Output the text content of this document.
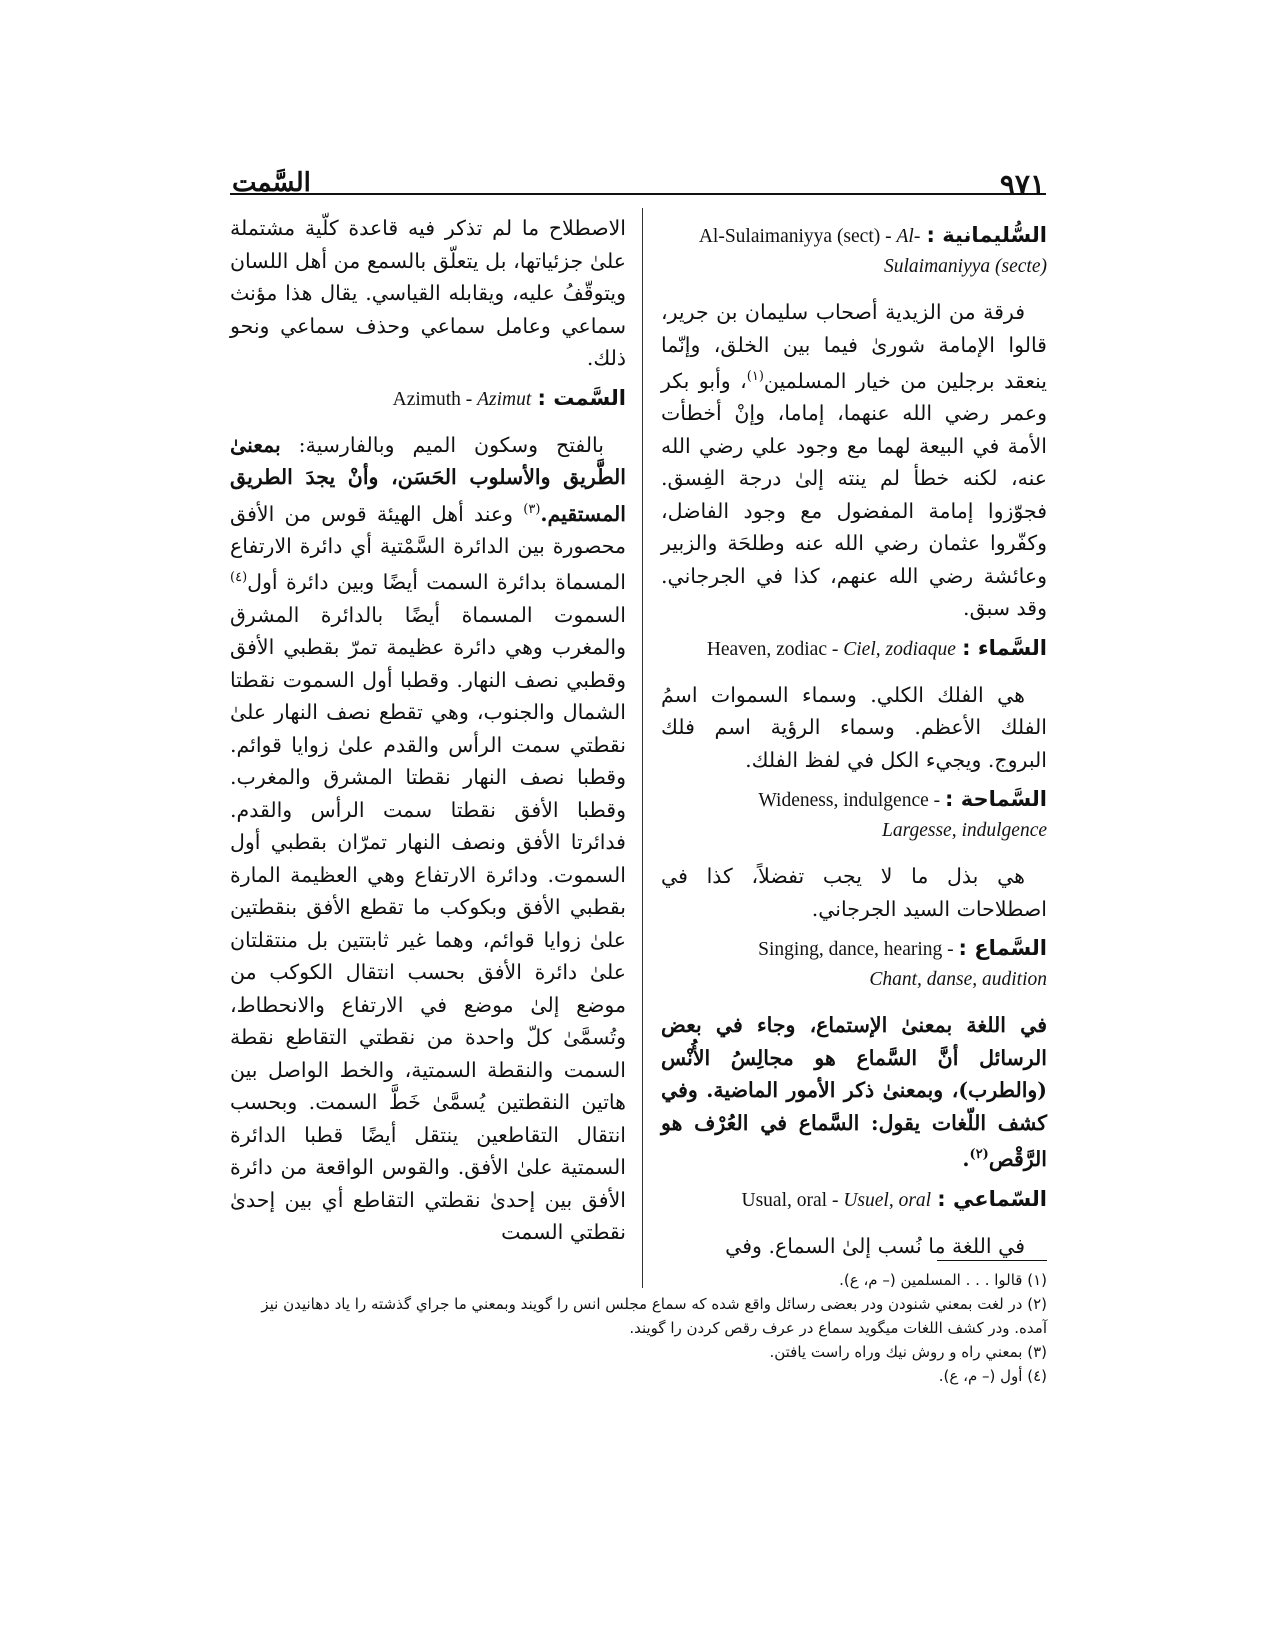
٩٧١
السَّمت
Al-Sulaimaniyya (sect) - Al- السُّليمانية :
Sulaimaniyya (secte)

فرقة من الزيدية أصحاب سليمان بن جرير، قالوا الإمامة شورىٰ فيما بين الخلق، وإنّما ينعقد برجلين من خيار المسلمين$^{(١)}$، وأبو بكر وعمر رضي الله عنهما، إماما، وإنْ أخطأت الأمة في البيعة لهما مع وجود علي رضي الله عنه، لكنه خطأ لم ينته إلىٰ درجة الفِسق. فجوّزوا إمامة المفضول مع وجود الفاضل، وكفّروا عثمان رضي الله عنه وطلحَة والزبير وعائشة رضي الله عنهم، كذا في الجرجاني. وقد سبق.

Heaven, zodiac - Ciel, zodiaque السَّماء :

هي الفلك الكلي. وسماء السموات اسمُ الفلك الأعظم. وسماء الرؤية اسم فلك البروج. ويجيء الكل في لفظ الفلك.

Wideness, indulgence - السَّماحة :
Largesse, indulgence

هي بذل ما لا يجب تفضلاً، كذا في اصطلاحات السيد الجرجاني.

Singing, dance, hearing - السَّماع :
Chant, danse, audition

في اللغة بمعنىٰ الإستماع، وجاء في بعض الرسائل أنَّ السَّماع هو مجالِسُ الأُنْس (والطرب)، وبمعنىٰ ذكر الأمور الماضية. وفي كشف اللّغات يقول: السَّماع في العُرْف هو الرَّقْص$^{(٢)}$.

Usual, oral - Usuel, oral السّماعي :

في اللغة ما نُسب إلىٰ السماع. وفي

الاصطلاح ما لم تذكر فيه قاعدة كلّية مشتملة علىٰ جزئياتها، بل يتعلّق بالسمع من أهل اللسان ويتوقّفُ عليه، ويقابله القياسي. يقال هذا مؤنث سماعي وعامل سماعي وحذف سماعي ونحو ذلك.

Azimuth - Azimut السَّمت :

بالفتح وسكون الميم وبالفارسية: بمعنىٰ الطَّريق والأسلوب الحَسَن، وأنْ يجدَ الطريق المستقيم.$^{(٣)}$ وعند أهل الهيئة قوس من الأفق محصورة بين الدائرة السَّمْتية أي دائرة الارتفاع المسماة بدائرة السمت أيضًا وبين دائرة أول$^{(٤)}$ السموت المسماة أيضًا بالدائرة المشرق والمغرب وهي دائرة عظيمة تمرّ بقطبي الأفق وقطبي نصف النهار. وقطبا أول السموت نقطتا الشمال والجنوب، وهي تقطع نصف النهار علىٰ نقطتي سمت الرأس والقدم علىٰ زوايا قوائم. وقطبا نصف النهار نقطتا المشرق والمغرب. وقطبا الأفق نقطتا سمت الرأس والقدم. فدائرتا الأفق ونصف النهار تمرّان بقطبي أول السموت. ودائرة الارتفاع وهي العظيمة المارة بقطبي الأفق وبكوكب ما تقطع الأفق بنقطتين علىٰ زوايا قوائم، وهما غير ثابتتين بل منتقلتان علىٰ دائرة الأفق بحسب انتقال الكوكب من موضع إلىٰ موضع في الارتفاع والانحطاط، وتُسمَّىٰ كلّ واحدة من نقطتي التقاطع نقطة السمت والنقطة السمتية، والخط الواصل بين هاتين النقطتين يُسمَّىٰ خَطَّ السمت. وبحسب انتقال التقاطعين ينتقل أيضًا قطبا الدائرة السمتية علىٰ الأفق. والقوس الواقعة من دائرة الأفق بين إحدىٰ نقطتي التقاطع أي بين إحدىٰ نقطتي السمت

(١) قالوا . . . المسلمين (– م، ع).

(٢) در لغت بمعني شنودن ودر بعضى رسائل واقع شده كه سماع مجلس انس را گويند وبمعني ما جراي گذشته را ياد دهانيدن نيز آمده. ودر كشف اللغات ميگويد سماع در عرف رقص كردن را گويند.

(٣) بمعني راه و روش نيك وراه راست يافتن.

(٤) أول (– م، ع).
